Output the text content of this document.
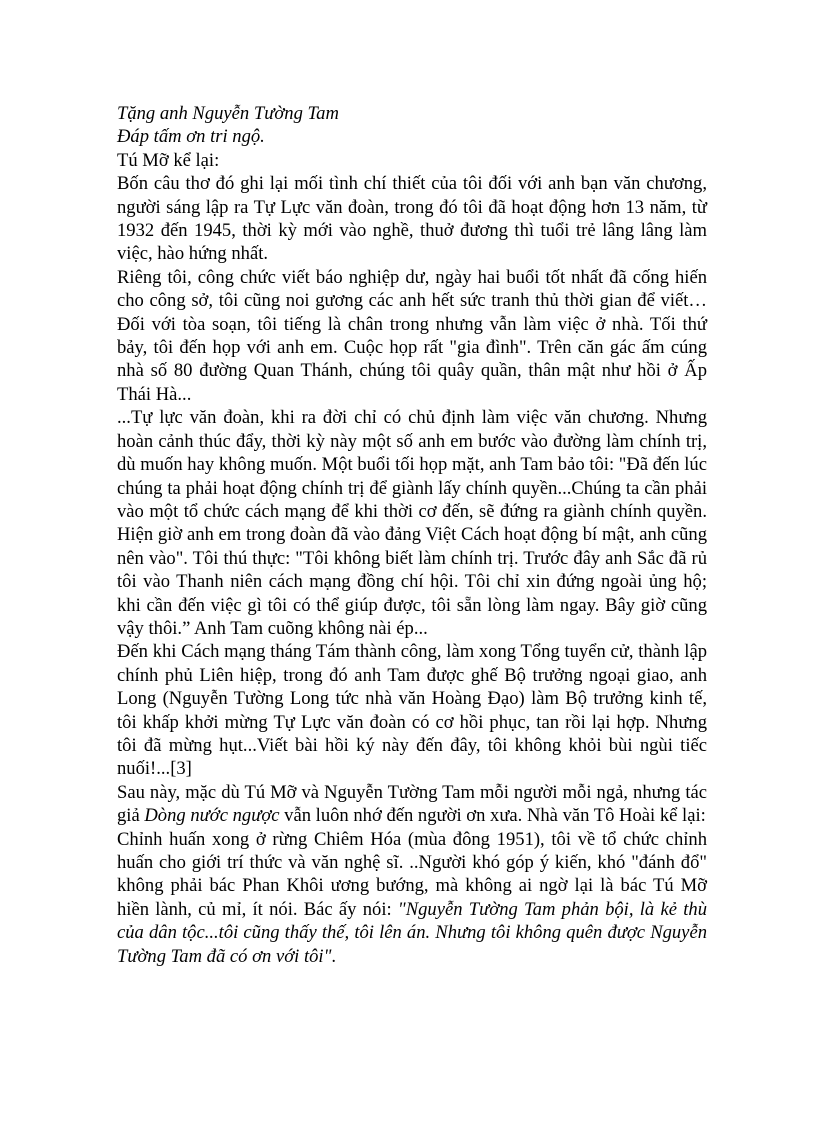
Tặng anh Nguyễn Tường Tam

Đáp tấm ơn tri ngộ.

Tú Mỡ kể lại:

Bốn câu thơ đó ghi lại mối tình chí thiết của tôi đối với anh bạn văn chương, người sáng lập ra Tự Lực văn đoàn, trong đó tôi đã hoạt động hơn 13 năm, từ 1932 đến 1945, thời kỳ mới vào nghề, thuở đương thì tuổi trẻ lâng lâng làm việc, hào hứng nhất.

Riêng tôi, công chức viết báo nghiệp dư, ngày hai buổi tốt nhất đã cống hiến cho công sở, tôi cũng noi gương các anh hết sức tranh thủ thời gian để viết…Đối với tòa soạn, tôi tiếng là chân trong nhưng vẫn làm việc ở nhà. Tối thứ bảy, tôi đến họp với anh em. Cuộc họp rất "gia đình". Trên căn gác ấm cúng nhà số 80 đường Quan Thánh, chúng tôi quây quần, thân mật như hồi ở Ấp Thái Hà...

...Tự lực văn đoàn, khi ra đời chỉ có chủ định làm việc văn chương. Nhưng hoàn cảnh thúc đẩy, thời kỳ này một số anh em bước vào đường làm chính trị, dù muốn hay không muốn. Một buổi tối họp mặt, anh Tam bảo tôi: "Đã đến lúc chúng ta phải hoạt động chính trị để giành lấy chính quyền...Chúng ta cần phải vào một tổ chức cách mạng để khi thời cơ đến, sẽ đứng ra giành chính quyền. Hiện giờ anh em trong đoàn đã vào đảng Việt Cách hoạt động bí mật, anh cũng nên vào". Tôi thú thực: "Tôi không biết làm chính trị. Trước đây anh Sắc đã rủ tôi vào Thanh niên cách mạng đồng chí hội. Tôi chỉ xin đứng ngoài ủng hộ; khi cần đến việc gì tôi có thể giúp được, tôi sẵn lòng làm ngay. Bây giờ cũng vậy thôi.” Anh Tam cuõng không nài ép...

Đến khi Cách mạng tháng Tám thành công, làm xong Tổng tuyển cử, thành lập chính phủ Liên hiệp, trong đó anh Tam được ghế Bộ trưởng ngoại giao, anh Long (Nguyễn Tường Long tức nhà văn Hoàng Đạo) làm Bộ trưởng kinh tế, tôi khấp khởi mừng Tự Lực văn đoàn có cơ hồi phục, tan rồi lại hợp. Nhưng tôi đã mừng hụt...Viết bài hồi ký này đến đây, tôi không khỏi bùi ngùi tiếc nuối!...[3]

Sau này, mặc dù Tú Mỡ và Nguyễn Tường Tam mỗi người mỗi ngả, nhưng tác giả Dòng nước ngược vẫn luôn nhớ đến người ơn xưa. Nhà văn Tô Hoài kể lại:

Chỉnh huấn xong ở rừng Chiêm Hóa (mùa đông 1951), tôi về tổ chức chỉnh huấn cho giới trí thức và văn nghệ sĩ. ..Người khó góp ý kiến, khó "đánh đổ" không phải bác Phan Khôi ương bướng, mà không ai ngờ lại là bác Tú Mỡ hiền lành, củ mỉ, ít nói. Bác ấy nói: "Nguyễn Tường Tam phản bội, là kẻ thù của dân tộc...tôi cũng thấy thế, tôi lên án. Nhưng tôi không quên được Nguyễn Tường Tam đã có ơn với tôi".
